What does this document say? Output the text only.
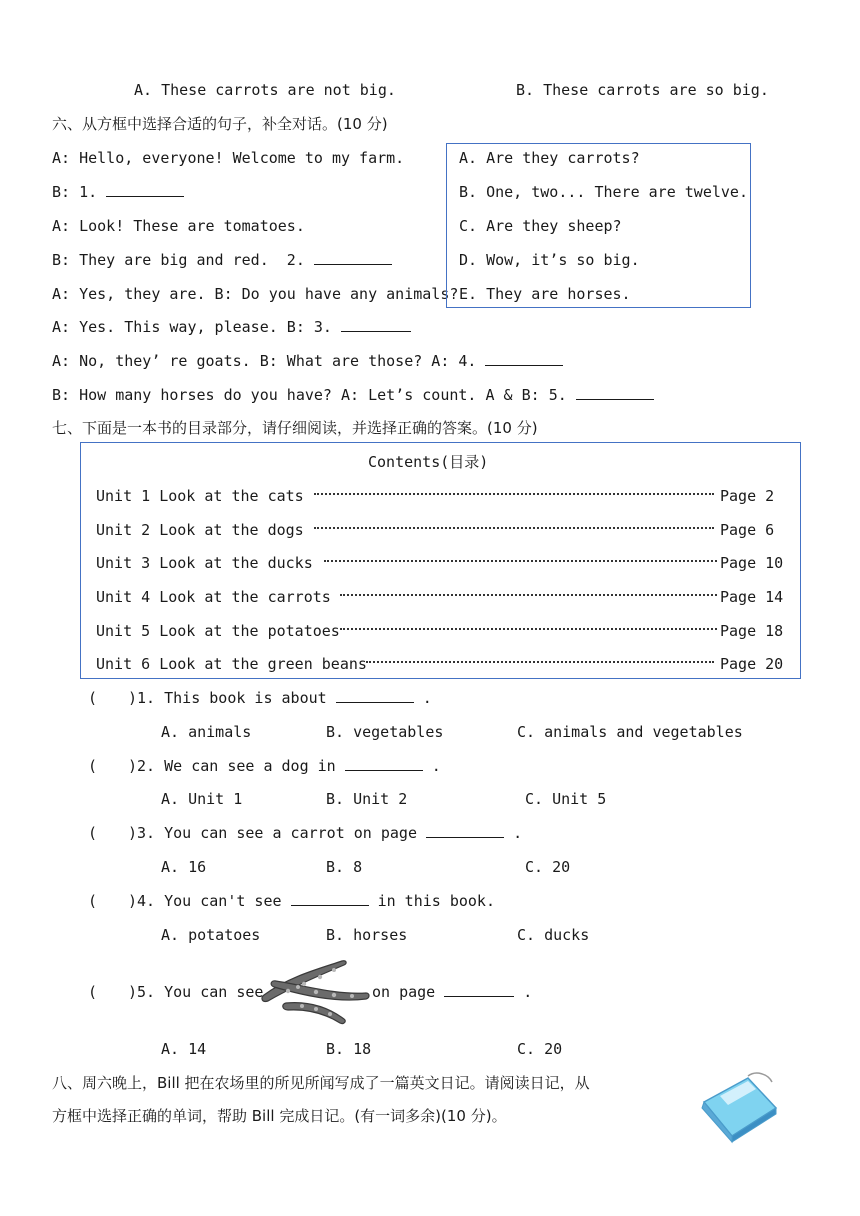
A. These carrots are not big.	B. These carrots are so big.
六、从方框中选择合适的句子，补全对话。(10 分)
A: Hello, everyone! Welcome to my farm.
B: 1.
A: Look! These are tomatoes.
B: They are big and red.  2.
A: Yes, they are. B: Do you have any animals?
A: Yes. This way, please. B: 3.
A: No, they’ re goats. B: What are those? A: 4.
B: How many horses do you have? A: Let’s count. A & B: 5.
A. Are they carrots?
B. One, two... There are twelve.
C. Are they sheep?
D. Wow, it’s so big.
E. They are horses.
七、下面是一本书的目录部分，请仔细阅读，并选择正确的答案。(10 分)
Contents(目录)
Unit 1 Look at the cats	Page 2
Unit 2 Look at the dogs	Page 6
Unit 3 Look at the ducks	Page 10
Unit 4 Look at the carrots	Page 14
Unit 5 Look at the potatoes	Page 18
Unit 6 Look at the green beans	Page 20
( )1. This book is about	.
A. animals	B. vegetables	C. animals and vegetables
( )2. We can see a dog in	.
A. Unit 1	B. Unit 2	C. Unit 5
( )3. You can see a carrot on page	.
A. 16	B. 8	C. 20
( )4. You can't see	in this book.
A. potatoes	B. horses	C. ducks
( )5. You can see	on page	.
A. 14	B. 18	C. 20
八、周六晚上，Bill 把在农场里的所见所闻写成了一篇英文日记。请阅读日记，从
方框中选择正确的单词，帮助 Bill 完成日记。(有一词多余)(10 分)。
